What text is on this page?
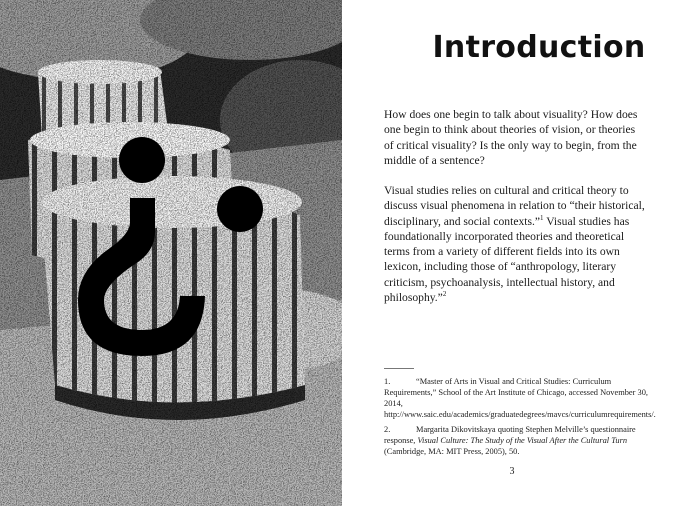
Introduction

How does one begin to talk about visuality? How does one begin to think about theories of vision, or theories of critical visuality? Is the only way to begin, from the middle of a sentence?

Visual studies relies on cultural and critical theory to discuss visual phenomena in relation to “their historical, disciplinary, and social contexts.”$^1$ Visual studies has foundationally incorporated theories and theoretical terms from a variety of different fields into its own lexicon, including those of “anthropology, literary criticism, psychoanalysis, intellectual history, and philosophy.”$^2$

1.	“Master of Arts in Visual and Critical Studies: Curriculum Requirements,” School of the Art Institute of Chicago, accessed November 30, 2014, http://www.saic.edu/academics/graduatedegrees/mavcs/curriculumrequirements/.

2.	Margarita Dikovitskaya quoting Stephen Melville’s questionnaire response, Visual Culture: The Study of the Visual After the Cultural Turn (Cambridge, MA: MIT Press, 2005), 50.

3
